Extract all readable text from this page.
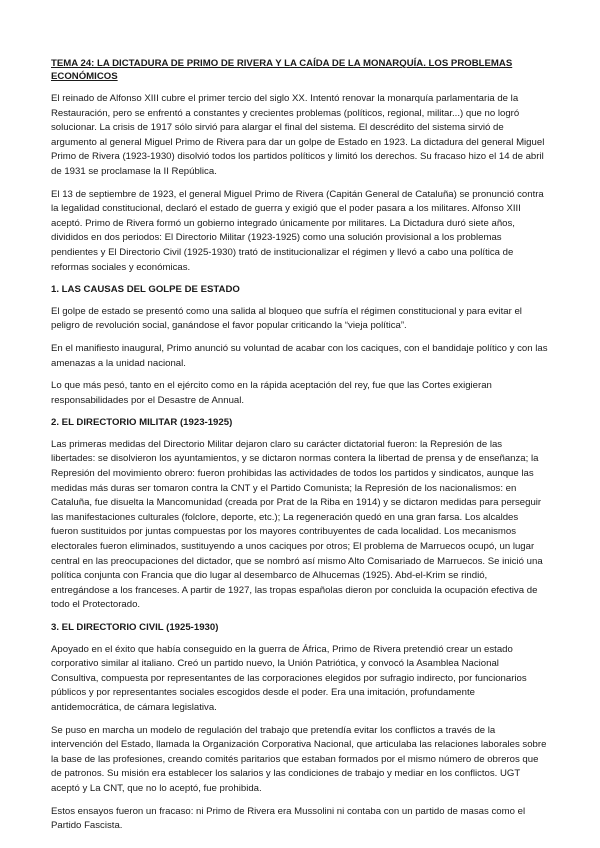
TEMA 24: LA DICTADURA DE PRIMO DE RIVERA Y LA CAÍDA DE LA MONARQUÍA. LOS PROBLEMAS ECONÓMICOS

El reinado de Alfonso XIII cubre el primer tercio del siglo XX. Intentó renovar la monarquía parlamentaria de la Restauración, pero se enfrentó a constantes y crecientes problemas (políticos, regional, militar...) que no logró solucionar. La crisis de 1917 sólo sirvió para alargar el final del sistema. El descrédito del sistema sirvió de argumento al general Miguel Primo de Rivera para dar un golpe de Estado en 1923. La dictadura del general Miguel Primo de Rivera (1923-1930) disolvió todos los partidos políticos y limitó los derechos. Su fracaso hizo el 14 de abril de 1931 se proclamase la II República.

El 13 de septiembre de 1923, el general Miguel Primo de Rivera (Capitán General de Cataluña) se pronunció contra la legalidad constitucional, declaró el estado de guerra y exigió que el poder pasara a los militares. Alfonso XIII aceptó. Primo de Rivera formó un gobierno integrado únicamente por militares. La Dictadura duró siete años, divididos en dos periodos: El Directorio Militar (1923-1925) como una solución provisional a los problemas pendientes y El Directorio Civil (1925-1930) trató de institucionalizar el régimen y llevó a cabo una política de reformas sociales y económicas.

1. LAS CAUSAS DEL GOLPE DE ESTADO

El golpe de estado se presentó como una salida al bloqueo que sufría el régimen constitucional y para evitar el peligro de revolución social, ganándose el favor popular criticando la “vieja política”.

En el manifiesto inaugural, Primo anunció su voluntad de acabar con los caciques, con el bandidaje político y con las amenazas a la unidad nacional.

Lo que más pesó, tanto en el ejército como en la rápida aceptación del rey, fue que las Cortes exigieran responsabilidades por el Desastre de Annual.

2. EL DIRECTORIO MILITAR (1923-1925)

Las primeras medidas del Directorio Militar dejaron claro su carácter dictatorial fueron: la Represión de las libertades: se disolvieron los ayuntamientos, y se dictaron normas contera la libertad de prensa y de enseñanza; la Represión del movimiento obrero: fueron prohibidas las actividades de todos los partidos y sindicatos, aunque las medidas más duras ser tomaron contra la CNT y el Partido Comunista; la Represión de los nacionalismos: en Cataluña, fue disuelta la Mancomunidad (creada por Prat de la Riba en 1914) y se dictaron medidas para perseguir las manifestaciones culturales (folclore, deporte, etc.); La regeneración quedó en una gran farsa. Los alcaldes fueron sustituidos por juntas compuestas por los mayores contribuyentes de cada localidad. Los mecanismos electorales fueron eliminados, sustituyendo a unos caciques por otros; El problema de Marruecos ocupó, un lugar central en las preocupaciones del dictador, que se nombró así mismo Alto Comisariado de Marruecos. Se inició una política conjunta con Francia que dio lugar al desembarco de Alhucemas (1925). Abd-el-Krim se rindió, entregándose a los franceses. A partir de 1927, las tropas españolas dieron por concluida la ocupación efectiva de todo el Protectorado.

3. EL DIRECTORIO CIVIL (1925-1930)

Apoyado en el éxito que había conseguido en la guerra de África, Primo de Rivera pretendió crear un estado corporativo similar al italiano. Creó un partido nuevo, la Unión Patriótica, y convocó la Asamblea Nacional Consultiva, compuesta por representantes de las corporaciones elegidos por sufragio indirecto, por funcionarios públicos y por representantes sociales escogidos desde el poder. Era una imitación, profundamente antidemocrática, de cámara legislativa.

Se puso en marcha un modelo de regulación del trabajo que pretendía evitar los conflictos a través de la intervención del Estado, llamada la Organización Corporativa Nacional, que articulaba las relaciones laborales sobre la base de las profesiones, creando comités paritarios que estaban formados por el mismo número de obreros que de patronos. Su misión era establecer los salarios y las condiciones de trabajo y mediar en los conflictos. UGT aceptó y La CNT, que no lo aceptó, fue prohibida.

Estos ensayos fueron un fracaso: ni Primo de Rivera era Mussolini ni contaba con un partido de masas como el Partido Fascista.
